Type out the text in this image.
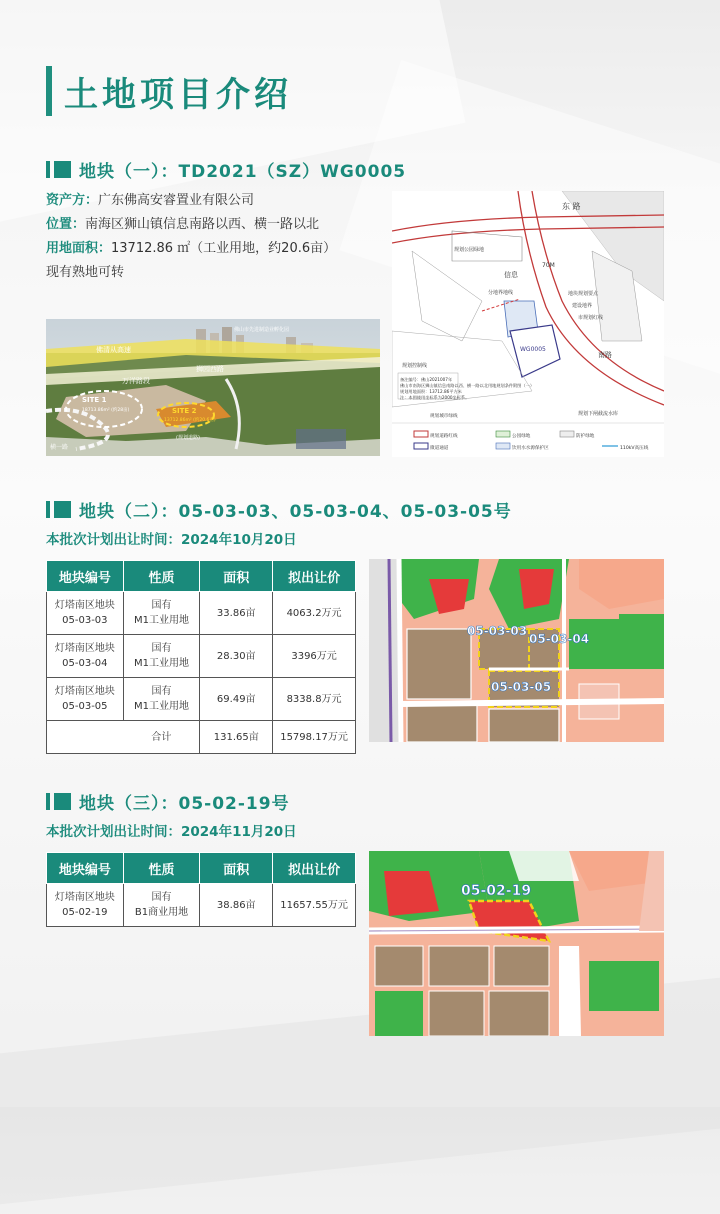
土地项目介绍
地块（一）：TD2021（SZ）WG0005
资产方：广东佛高安睿置业有限公司
位置：南海区狮山镇信息南路以西、横一路以北
用地面积：13712.86 ㎡（工业用地，约20.6亩）
现有熟地可转
佛清从高速
佛山市先进制造业孵化园
狮园西路
万洋路段
SITE 1
18713.86m² (约28亩)	SITE 2
13712.86m² (约20.6亩)
横一路
(规划道路)
东 路
信息
南路
70M
规划下闸截流水库
分地界地线	地块规划要点
建设地界
市规划红线
规划公园绿地
规划控制线
WG0005
备注编号：佛山2021007年佛山市南海区狮山镇信息南路以西、横一路以北用地规划条件附图（一）规划用地面积：13712.86平方米注：本图使用坐标系为2000坐标系。
规划道路红线
规划城市绿线
公园绿地	防护绿地
微道通道	饮用水水源保护区	110kV高压线
地块（二）：05-03-03、05-03-04、05-03-05号
本批次计划出让时间：2024年10月20日
地块编号	性质	面积	拟出让价
灯塔南区地块
05-03-03	国有
M1工业用地	33.86亩	4063.2万元
灯塔南区地块
05-03-04	国有
M1工业用地	28.30亩	3396万元
灯塔南区地块
05-03-05	国有
M1工业用地	69.49亩	8338.8万元
合计		131.65亩	15798.17万元
05-03-03
05-03-04
05-03-05
地块（三）：05-02-19号
本批次计划出让时间：2024年11月20日
地块编号	性质	面积	拟出让价
灯塔南区地块
05-02-19	国有
B1商业用地	38.86亩	11657.55万元
05-02-19
